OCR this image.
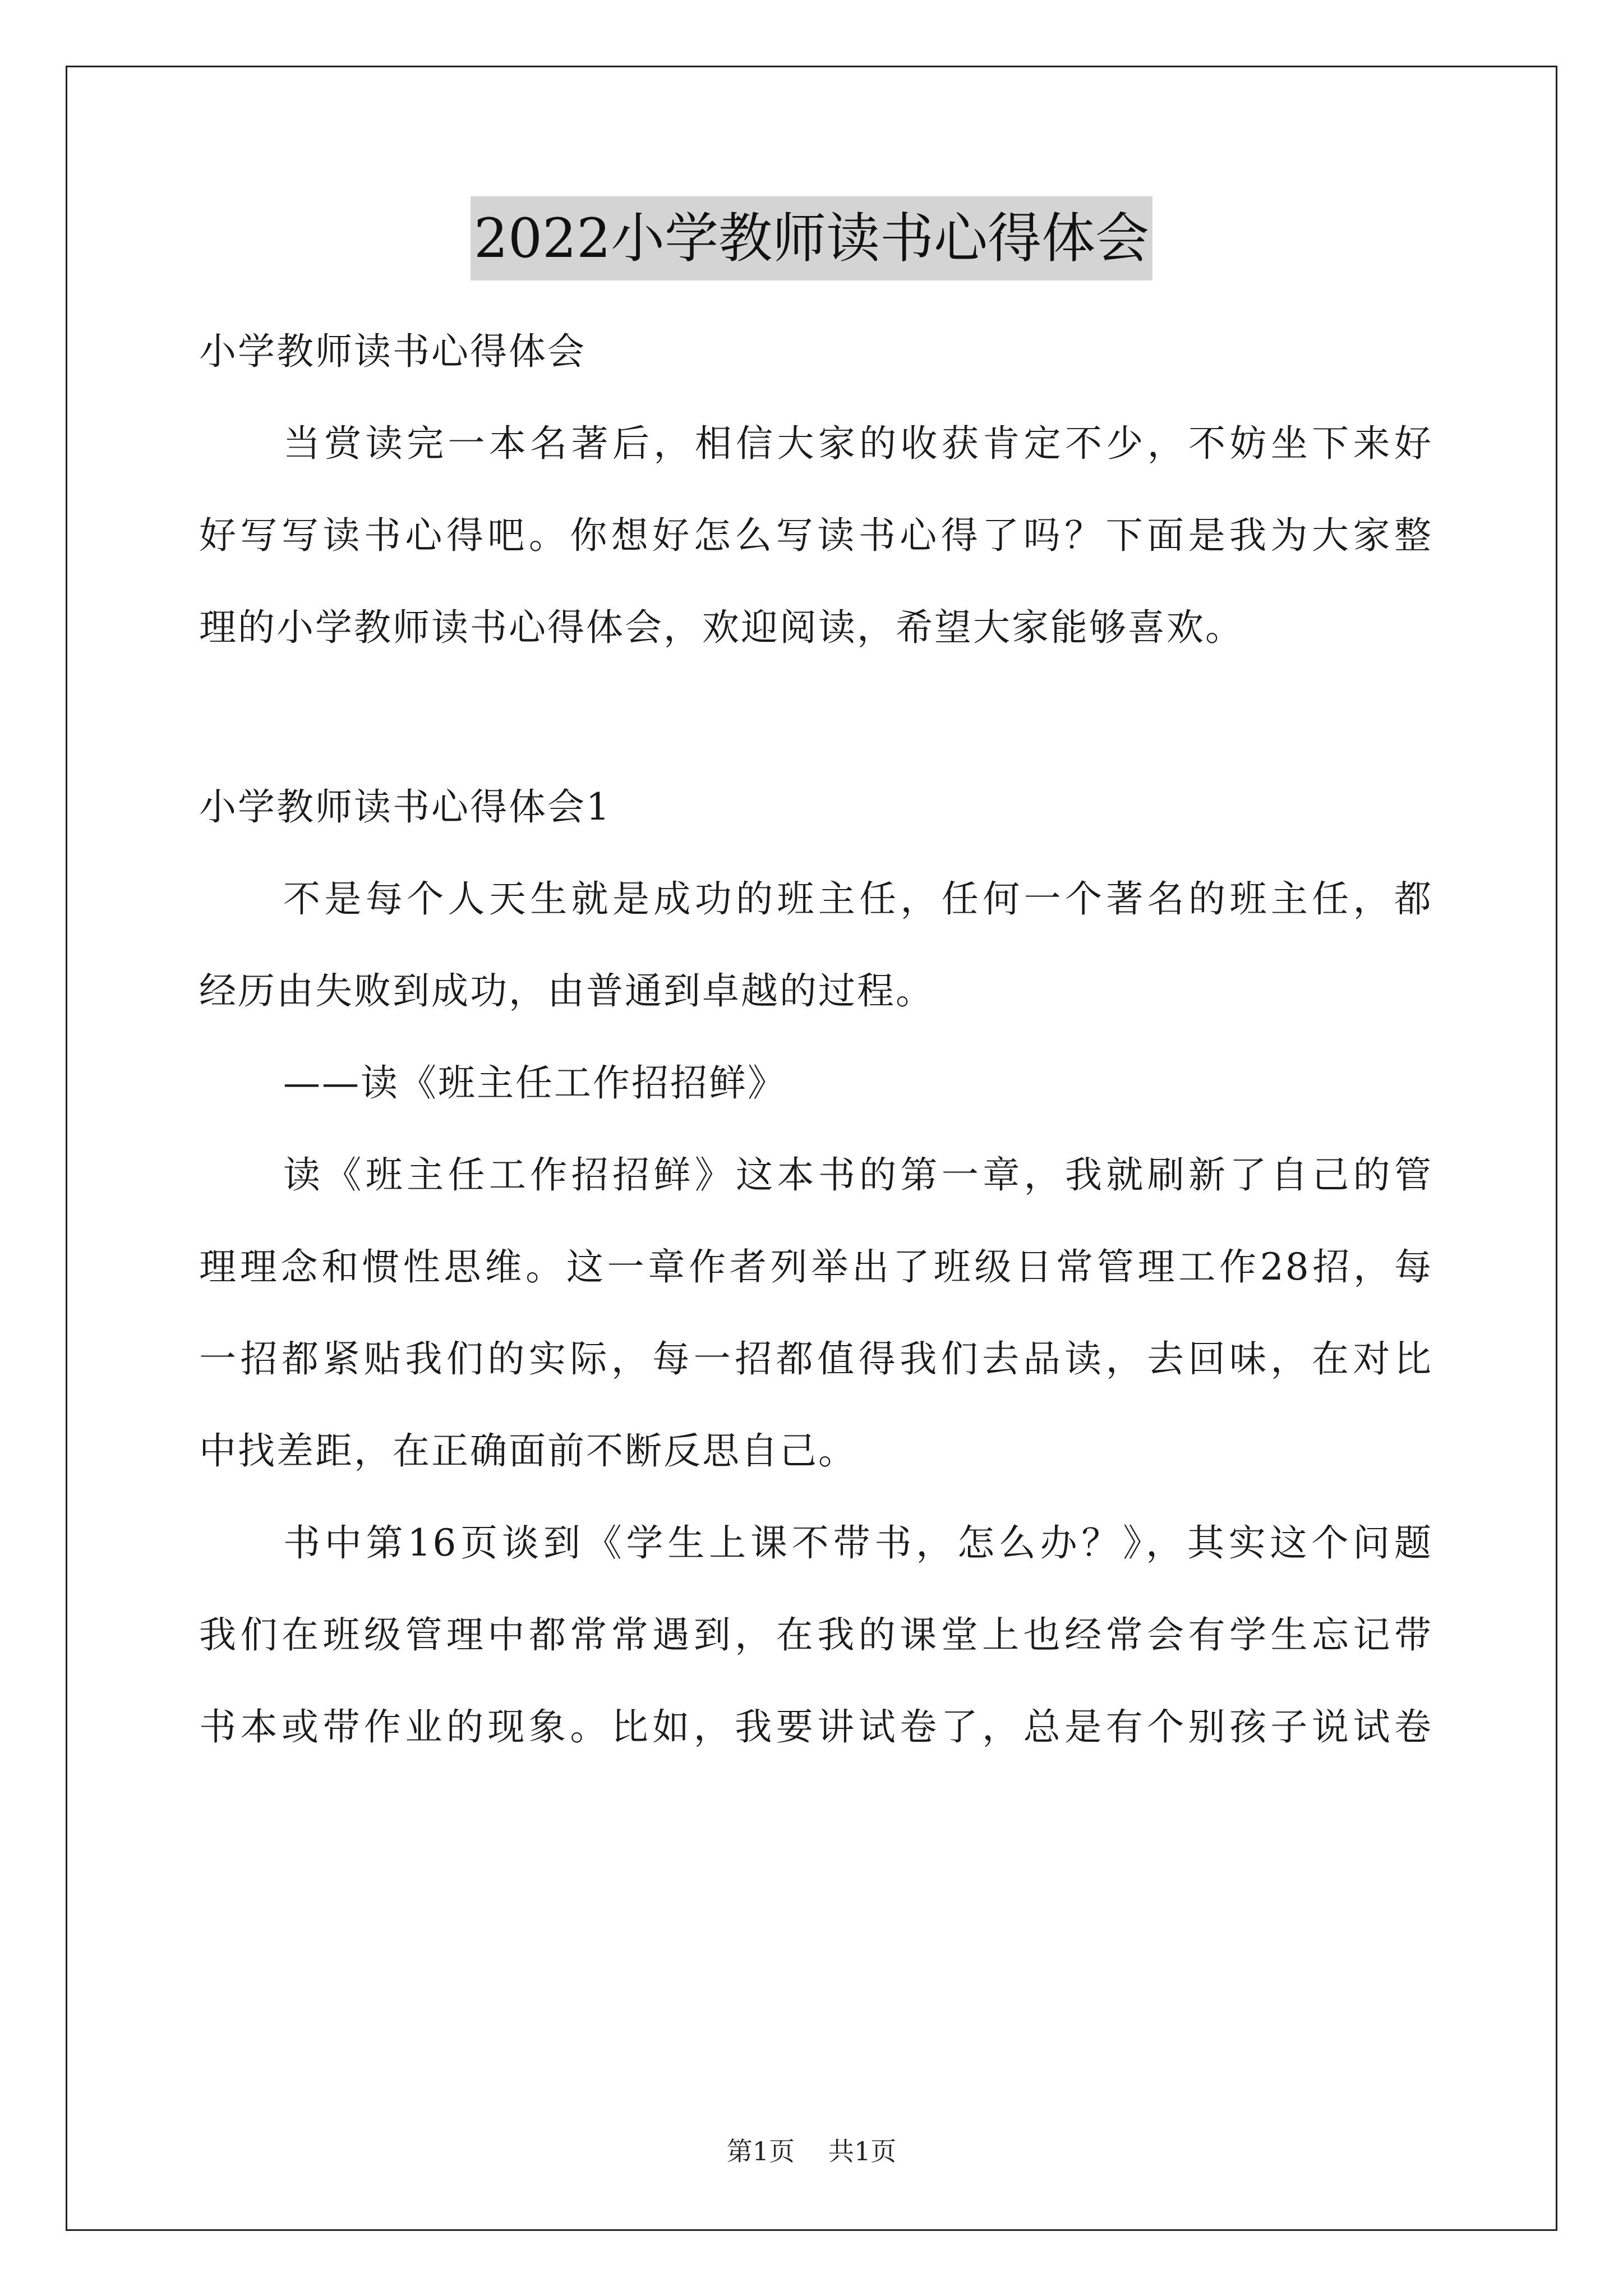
2022小学教师读书心得体会
小学教师读书心得体会
当赏读完一本名著后，相信大家的收获肯定不少，不妨坐下来好
好写写读书心得吧。你想好怎么写读书心得了吗？下面是我为大家整
理的小学教师读书心得体会，欢迎阅读，希望大家能够喜欢。
小学教师读书心得体会1
不是每个人天生就是成功的班主任，任何一个著名的班主任，都
经历由失败到成功，由普通到卓越的过程。
——读《班主任工作招招鲜》
读《班主任工作招招鲜》这本书的第一章，我就刷新了自己的管
理理念和惯性思维。这一章作者列举出了班级日常管理工作28招，每
一招都紧贴我们的实际，每一招都值得我们去品读，去回味，在对比
中找差距，在正确面前不断反思自己。
书中第16页谈到《学生上课不带书，怎么办？》，其实这个问题
我们在班级管理中都常常遇到，在我的课堂上也经常会有学生忘记带
书本或带作业的现象。比如，我要讲试卷了，总是有个别孩子说试卷
第1页 共1页
